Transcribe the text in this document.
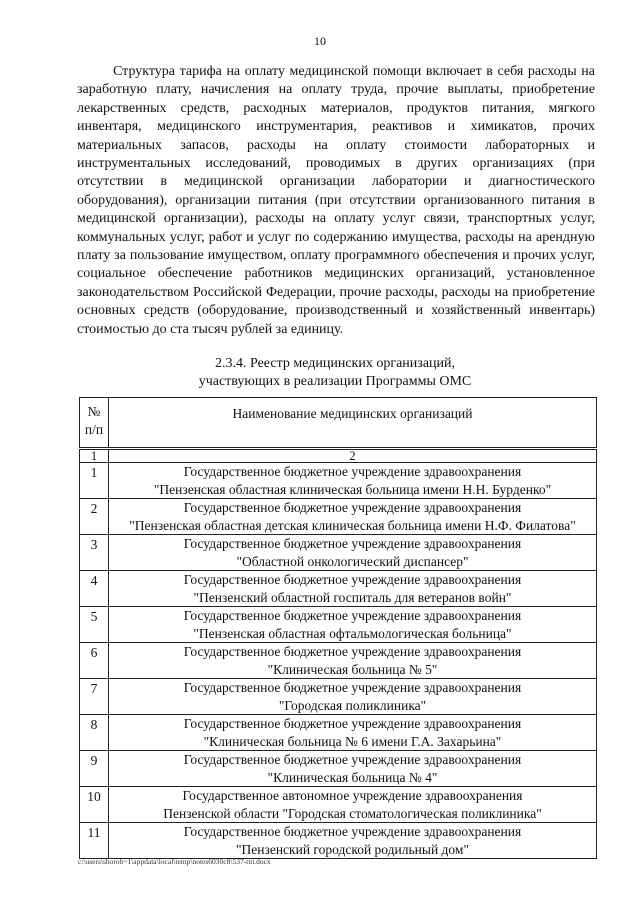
10

Структура тарифа на оплату медицинской помощи включает в себя расходы на заработную плату, начисления на оплату труда, прочие выплаты, приобретение лекарственных средств, расходных материалов, продуктов питания, мягкого инвентаря, медицинского инструментария, реактивов и химикатов, прочих материальных запасов, расходы на оплату стоимости лабораторных и инструментальных исследований, проводимых в других организациях (при отсутствии в медицинской организации лаборатории и диагностического оборудования), организации питания (при отсутствии организованного питания в медицинской организации), расходы на оплату услуг связи, транспортных услуг, коммунальных услуг, работ и услуг по содержанию имущества, расходы на арендную плату за пользование имуществом, оплату программного обеспечения и прочих услуг, социальное обеспечение работников медицинских организаций, установленное законодательством Российской Федерации, прочие расходы, расходы на приобретение основных средств (оборудование, производственный и хозяйственный инвентарь) стоимостью до ста тысяч рублей за единицу.

2.3.4. Реестр медицинских организаций,
участвующих в реализации Программы ОМС
№ п/п	Наименование медицинских организаций
1	2
1	Государственное бюджетное учреждение здравоохранения
"Пензенская областная клиническая больница имени Н.Н. Бурденко"

2	Государственное бюджетное учреждение здравоохранения
"Пензенская областная детская клиническая больница имени Н.Ф. Филатова"

3	Государственное бюджетное учреждение здравоохранения
"Областной онкологический диспансер"

4	Государственное бюджетное учреждение здравоохранения
"Пензенский областной госпиталь для ветеранов войн"

5	Государственное бюджетное учреждение здравоохранения
"Пензенская областная офтальмологическая больница"

6	Государственное бюджетное учреждение здравоохранения
"Клиническая больница № 5"

7	Государственное бюджетное учреждение здравоохранения
"Городская поликлиника"

8	Государственное бюджетное учреждение здравоохранения
"Клиническая больница № 6 имени Г.А. Захарьина"

9	Государственное бюджетное учреждение здравоохранения
"Клиническая больница № 4"

10	Государственное автономное учреждение здравоохранения
Пензенской области "Городская стоматологическая поликлиника"

11	Государственное бюджетное учреждение здравоохранения
"Пензенский городской родильный дом"
c:\users\shorob~1\appdata\local\temp\notes6030c8\537-пп.docx
